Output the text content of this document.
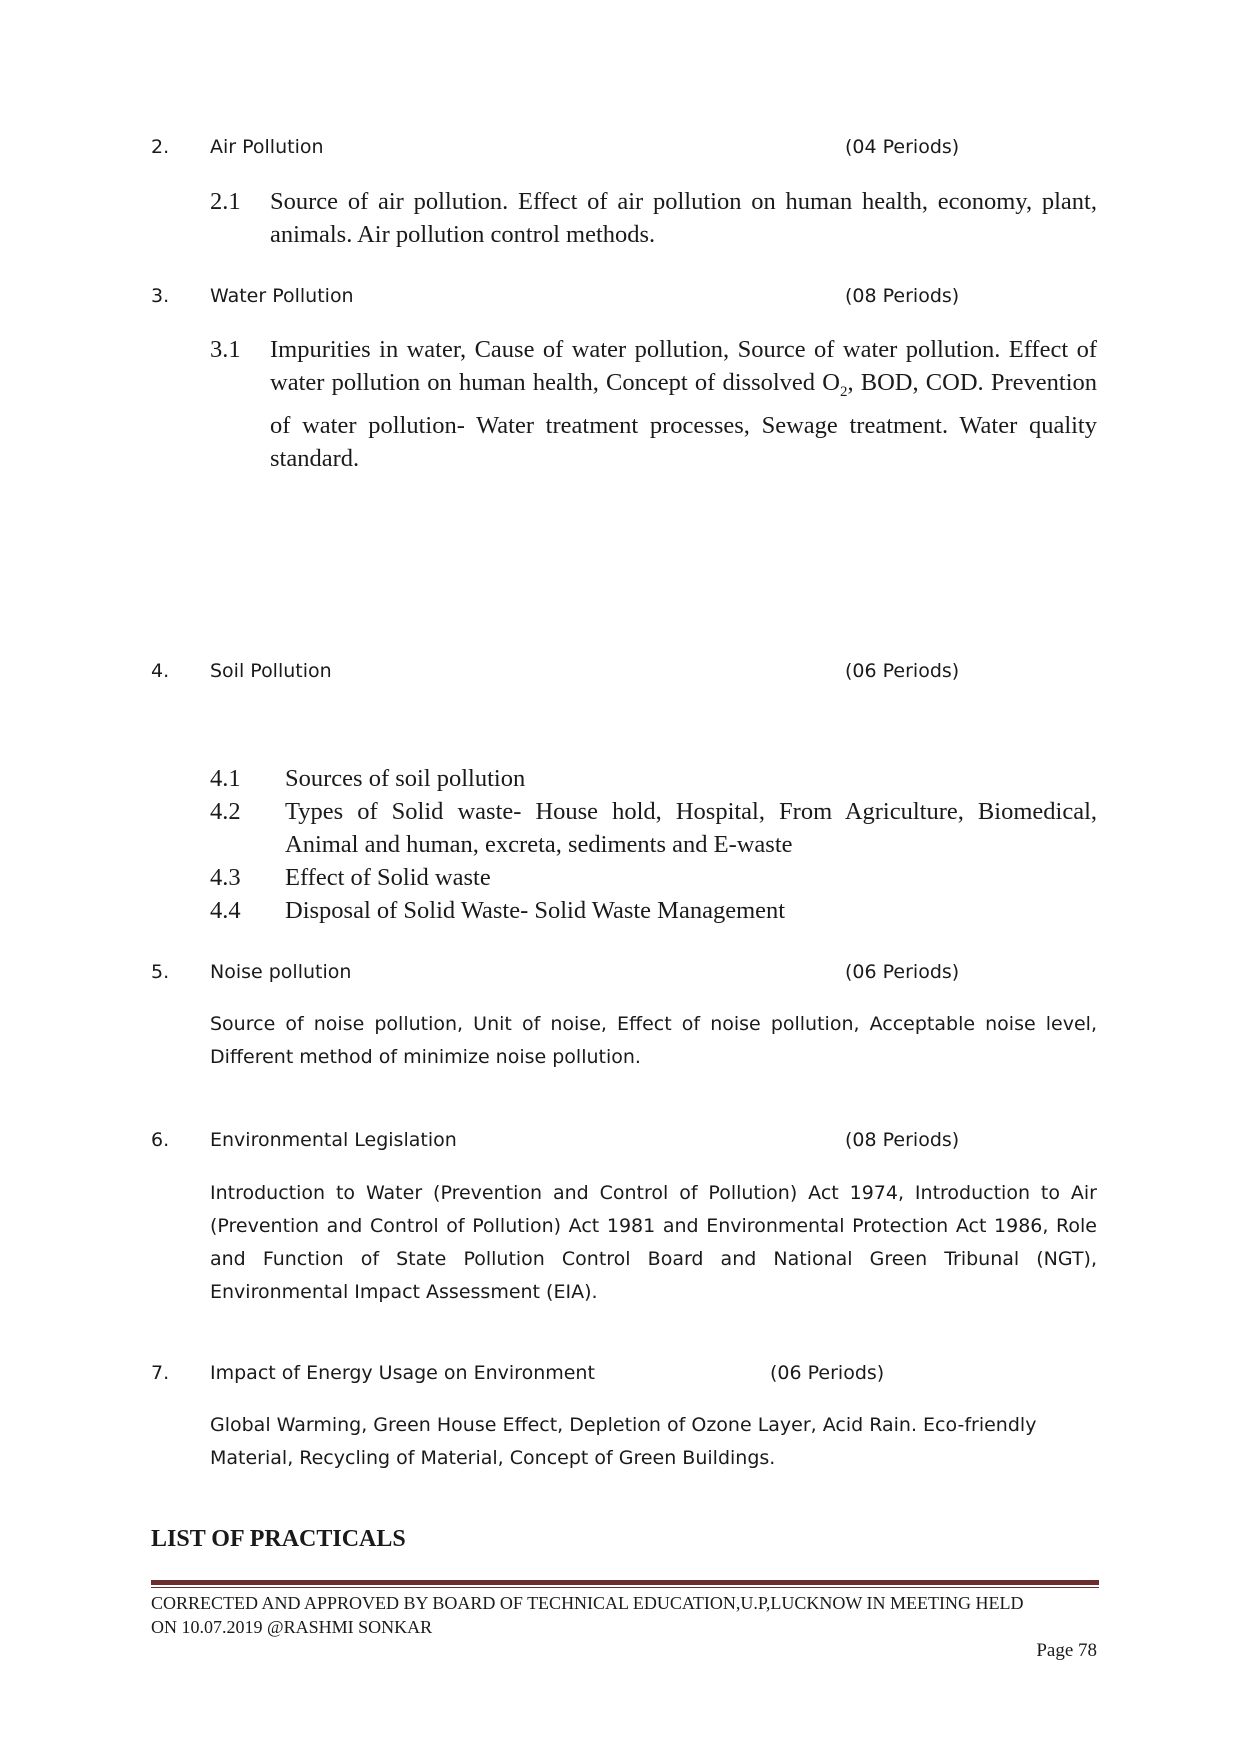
2. Air Pollution	(04 Periods)
2.1 Source of air pollution. Effect of air pollution on human health, economy, plant, animals. Air pollution control methods.
3. Water Pollution	(08 Periods)
3.1 Impurities in water, Cause of water pollution, Source of water pollution. Effect of water pollution on human health, Concept of dissolved $O_2$, BOD, COD. Prevention of water pollution- Water treatment processes, Sewage treatment. Water quality standard.
4. Soil Pollution	(06 Periods)
4.1 Sources of soil pollution
4.2 Types of Solid waste- House hold, Hospital, From Agriculture, Biomedical, Animal and human, excreta, sediments and E-waste
4.3 Effect of Solid waste
4.4 Disposal of Solid Waste- Solid Waste Management
5. Noise pollution	(06 Periods)
Source of noise pollution, Unit of noise, Effect of noise pollution, Acceptable noise level, Different method of minimize noise pollution.
6. Environmental Legislation	(08 Periods)
Introduction to Water (Prevention and Control of Pollution) Act 1974, Introduction to Air (Prevention and Control of Pollution) Act 1981 and Environmental Protection Act 1986, Role and Function of State Pollution Control Board and National Green Tribunal (NGT), Environmental Impact Assessment (EIA).
7. Impact of Energy Usage on Environment	(06 Periods)
Global Warming, Green House Effect, Depletion of Ozone Layer, Acid Rain. Eco-friendly Material, Recycling of Material, Concept of Green Buildings.
LIST OF PRACTICALS
CORRECTED AND APPROVED BY BOARD OF TECHNICAL EDUCATION,U.P,LUCKNOW IN MEETING HELD
ON 10.07.2019 @RASHMI SONKAR
Page 78
